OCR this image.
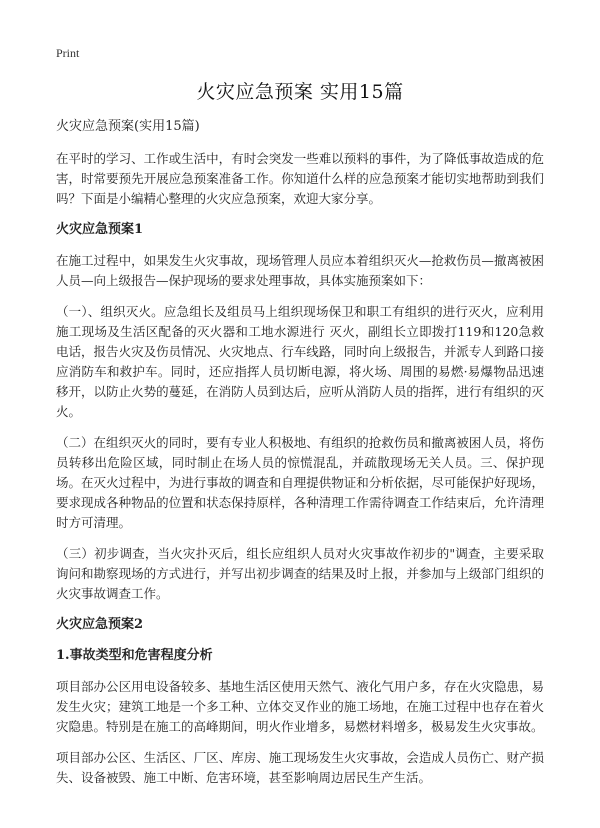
Print
火灾应急预案 实用15篇
火灾应急预案(实用15篇)

在平时的学习、工作或生活中，有时会突发一些难以预料的事件，为了降低事故造成的危害，时常要预先开展应急预案准备工作。你知道什么样的应急预案才能切实地帮助到我们吗？下面是小编精心整理的火灾应急预案，欢迎大家分享。

火灾应急预案1

在施工过程中，如果发生火灾事故，现场管理人员应本着组织灭火—抢救伤员—撤离被困人员—向上级报告—保护现场的要求处理事故，具体实施预案如下：

（一）、组织灭火。应急组长及组员马上组织现场保卫和职工有组织的进行灭火，应利用施工现场及生活区配备的灭火器和工地水源进行 灭火，副组长立即拨打119和120急救电话，报告火灾及伤员情况、火灾地点、行车线路，同时向上级报告，并派专人到路口接应消防车和救护车。同时，还应指挥人员切断电源，将火场、周围的易燃·易爆物品迅速移开，以防止火势的蔓延，在消防人员到达后，应听从消防人员的指挥，进行有组织的灭火。

（二）在组织灭火的同时，要有专业人积极地、有组织的抢救伤员和撤离被困人员，将伤员转移出危险区域，同时制止在场人员的惊慌混乱，并疏散现场无关人员。三、保护现场。在灭火过程中，为进行事故的调查和自理提供物证和分析依据，尽可能保护好现场，要求现成各种物品的位置和状态保持原样，各种清理工作需待调查工作结束后，允许清理时方可清理。

（三）初步调查，当火灾扑灭后，组长应组织人员对火灾事故作初步的"调查，主要采取询问和勘察现场的方式进行，并写出初步调查的结果及时上报，并参加与上级部门组织的火灾事故调查工作。

火灾应急预案2
1.事故类型和危害程度分析

项目部办公区用电设备较多、基地生活区使用天然气、液化气用户多，存在火灾隐患，易发生火灾；建筑工地是一个多工种、立体交叉作业的施工场地，在施工过程中也存在着火灾隐患。特别是在施工的高峰期间，明火作业增多，易燃材料增多，极易发生火灾事故。

项目部办公区、生活区、厂区、库房、施工现场发生火灾事故，会造成人员伤亡、财产损失、设备被毁、施工中断、危害环境，甚至影响周边居民生产生活。
